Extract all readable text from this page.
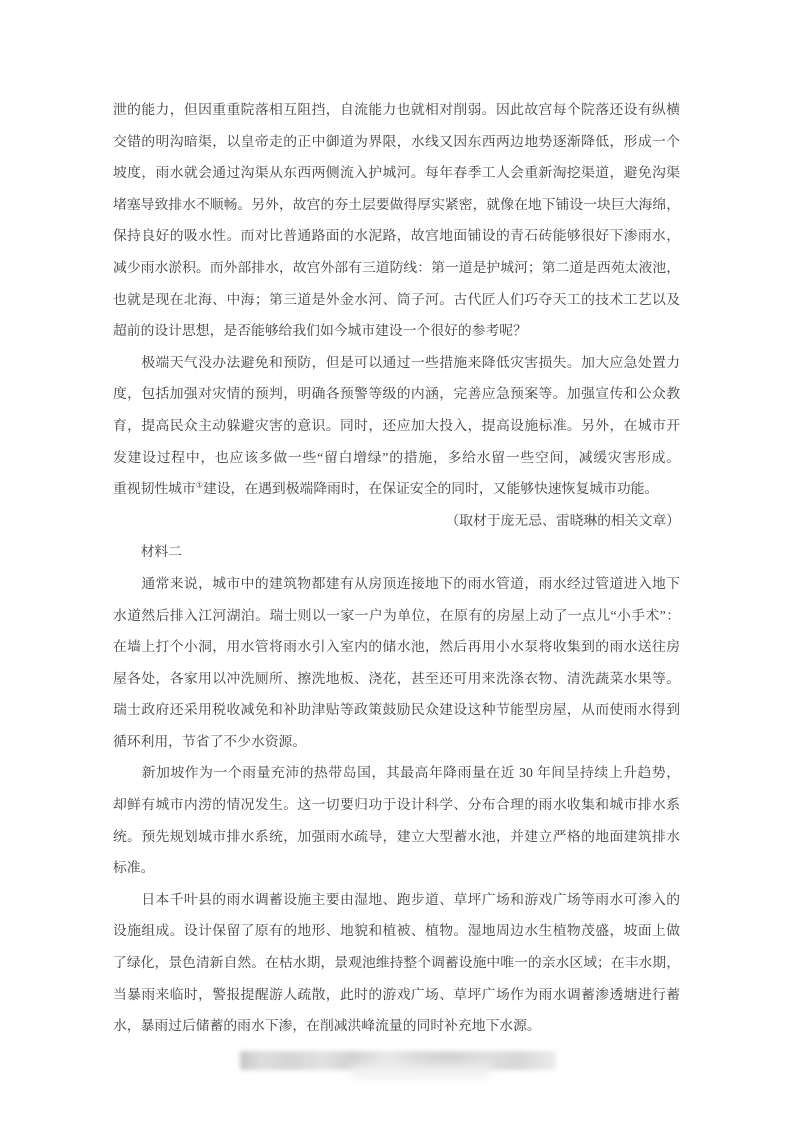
泄的能力，但因重重院落相互阻挡，自流能力也就相对削弱。因此故宫每个院落还设有纵横
交错的明沟暗渠，以皇帝走的正中御道为界限，水线又因东西两边地势逐渐降低，形成一个
坡度，雨水就会通过沟渠从东西两侧流入护城河。每年春季工人会重新淘挖渠道，避免沟渠
堵塞导致排水不顺畅。另外，故宫的夯土层要做得厚实紧密，就像在地下铺设一块巨大海绵，
保持良好的吸水性。而对比普通路面的水泥路，故宫地面铺设的青石砖能够很好下渗雨水，
减少雨水淤积。而外部排水，故宫外部有三道防线：第一道是护城河；第二道是西苑太液池，
也就是现在北海、中海；第三道是外金水河、筒子河。古代匠人们巧夺天工的技术工艺以及
超前的设计思想，是否能够给我们如今城市建设一个很好的参考呢？
　　极端天气没办法避免和预防，但是可以通过一些措施来降低灾害损失。加大应急处置力
度，包括加强对灾情的预判，明确各预警等级的内涵，完善应急预案等。加强宣传和公众教
育，提高民众主动躲避灾害的意识。同时，还应加大投入，提高设施标准。另外，在城市开
发建设过程中，也应该多做一些“留白增绿”的措施，多给水留一些空间，减缓灾害形成。
重视韧性城市①建设，在遇到极端降雨时，在保证安全的同时，又能够快速恢复城市功能。
（取材于庞无忌、雷晓琳的相关文章）
　　材料二
　　通常来说，城市中的建筑物都建有从房顶连接地下的雨水管道，雨水经过管道进入地下
水道然后排入江河湖泊。瑞士则以一家一户为单位，在原有的房屋上动了一点儿“小手术”：
在墙上打个小洞，用水管将雨水引入室内的储水池，然后再用小水泵将收集到的雨水送往房
屋各处，各家用以冲洗厕所、擦洗地板、浇花，甚至还可用来洗涤衣物、清洗蔬菜水果等。
瑞士政府还采用税收减免和补助津贴等政策鼓励民众建设这种节能型房屋，从而使雨水得到
循环利用，节省了不少水资源。
　　新加坡作为一个雨量充沛的热带岛国，其最高年降雨量在近 30 年间呈持续上升趋势，
却鲜有城市内涝的情况发生。这一切要归功于设计科学、分布合理的雨水收集和城市排水系
统。预先规划城市排水系统，加强雨水疏导，建立大型蓄水池，并建立严格的地面建筑排水
标准。
　　日本千叶县的雨水调蓄设施主要由湿地、跑步道、草坪广场和游戏广场等雨水可渗入的
设施组成。设计保留了原有的地形、地貌和植被、植物。湿地周边水生植物茂盛，坡面上做
了绿化，景色清新自然。在枯水期，景观池维持整个调蓄设施中唯一的亲水区域；在丰水期，
当暴雨来临时，警报提醒游人疏散，此时的游戏广场、草坪广场作为雨水调蓄渗透塘进行蓄
水，暴雨过后储蓄的雨水下渗，在削减洪峰流量的同时补充地下水源。
